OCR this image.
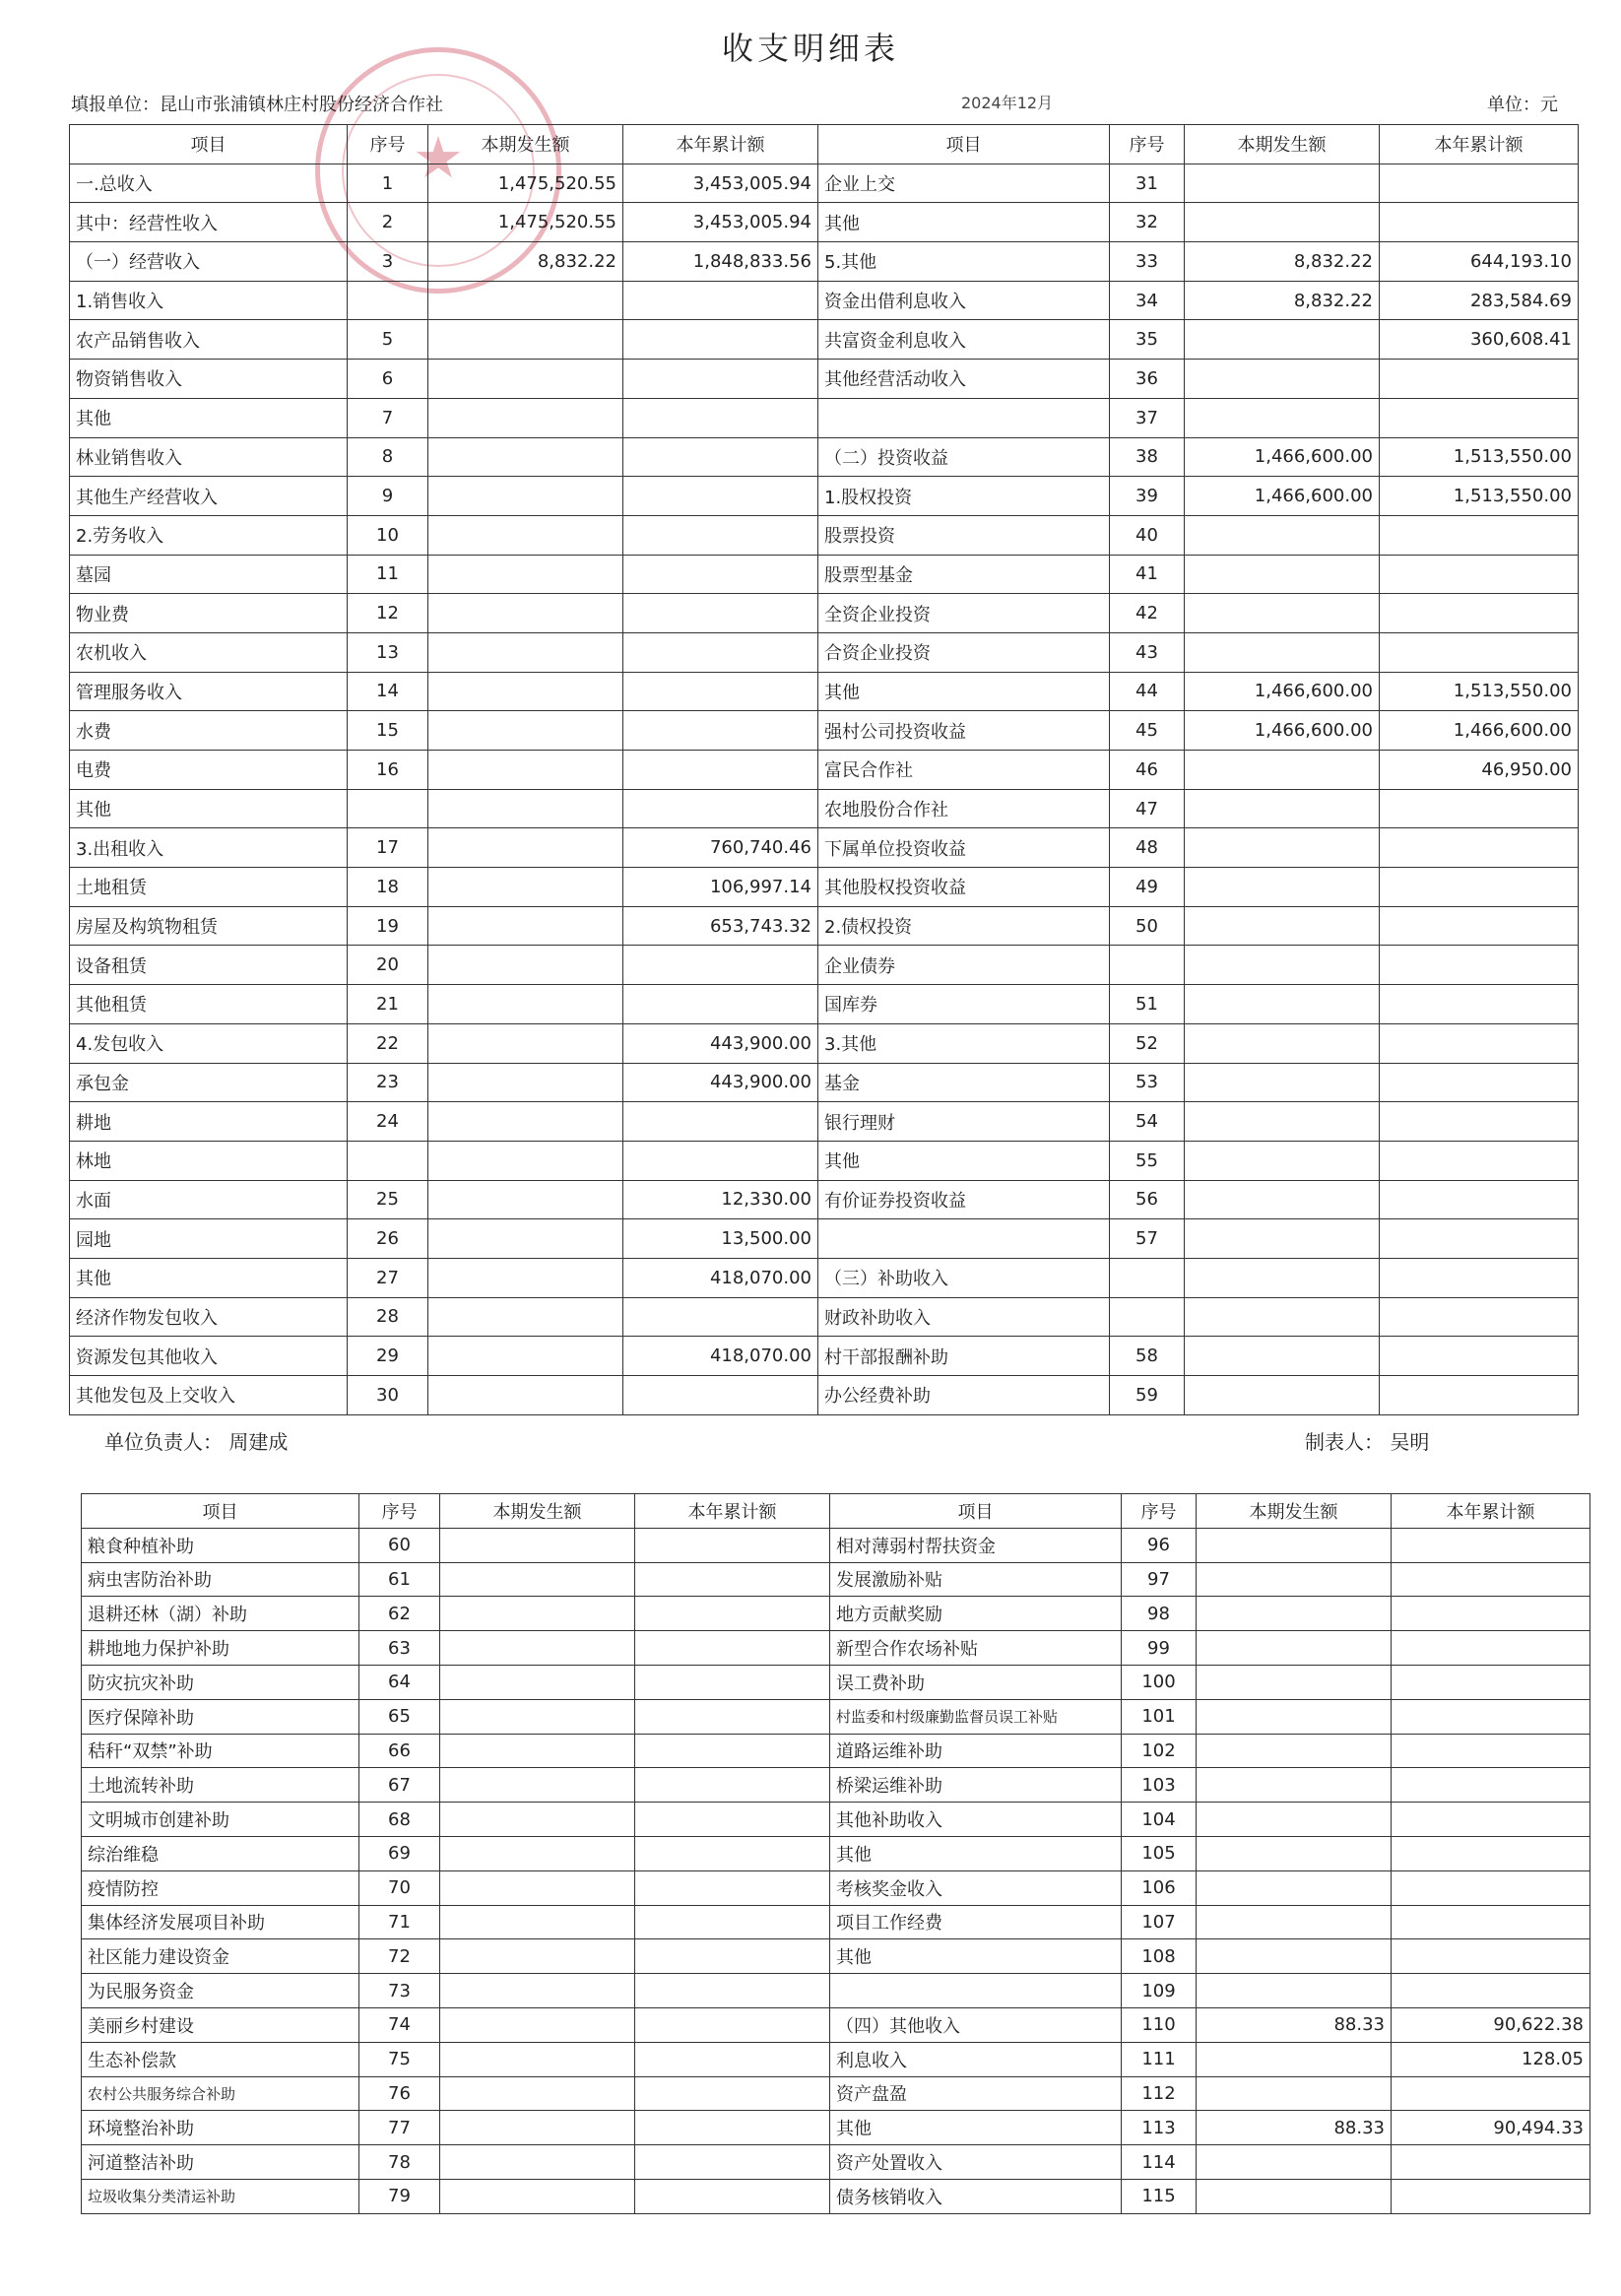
★
收支明细表
填报单位：昆山市张浦镇林庄村股份经济合作社	2024年12月	单位：元
项目	序号	本期发生额	本年累计额	项目	序号	本期发生额	本年累计额
一.总收入	1	1,475,520.55	3,453,005.94	企业上交	31		
其中：经营性收入	2	1,475,520.55	3,453,005.94	其他	32		
（一）经营收入	3	8,832.22	1,848,833.56	5.其他	33	8,832.22	644,193.10
1.销售收入				资金出借利息收入	34	8,832.22	283,584.69
农产品销售收入	5			共富资金利息收入	35		360,608.41
物资销售收入	6			其他经营活动收入	36		
其他	7				37		
林业销售收入	8			（二）投资收益	38	1,466,600.00	1,513,550.00
其他生产经营收入	9			1.股权投资	39	1,466,600.00	1,513,550.00
2.劳务收入	10			股票投资	40		
墓园	11			股票型基金	41		
物业费	12			全资企业投资	42		
农机收入	13			合资企业投资	43		
管理服务收入	14			其他	44	1,466,600.00	1,513,550.00
水费	15			强村公司投资收益	45	1,466,600.00	1,466,600.00
电费	16			富民合作社	46		46,950.00
其他				农地股份合作社	47		
3.出租收入	17		760,740.46	下属单位投资收益	48		
土地租赁	18		106,997.14	其他股权投资收益	49		
房屋及构筑物租赁	19		653,743.32	2.债权投资	50		
设备租赁	20			企业债券			
其他租赁	21			国库券	51		
4.发包收入	22		443,900.00	3.其他	52		
承包金	23		443,900.00	基金	53		
耕地	24			银行理财	54		
林地				其他	55		
水面	25		12,330.00	有价证券投资收益	56		
园地	26		13,500.00		57		
其他	27		418,070.00	（三）补助收入			
经济作物发包收入	28			财政补助收入			
资源发包其他收入	29		418,070.00	村干部报酬补助	58		
其他发包及上交收入	30			办公经费补助	59		
单位负责人： 周建成	制表人： 吴明
项目	序号	本期发生额	本年累计额	项目	序号	本期发生额	本年累计额
粮食种植补助	60			相对薄弱村帮扶资金	96		
病虫害防治补助	61			发展激励补贴	97		
退耕还林（湖）补助	62			地方贡献奖励	98		
耕地地力保护补助	63			新型合作农场补贴	99		
防灾抗灾补助	64			误工费补助	100		
医疗保障补助	65			村监委和村级廉勤监督员误工补贴	101		
秸秆“双禁”补助	66			道路运维补助	102		
土地流转补助	67			桥梁运维补助	103		
文明城市创建补助	68			其他补助收入	104		
综治维稳	69			其他	105		
疫情防控	70			考核奖金收入	106		
集体经济发展项目补助	71			项目工作经费	107		
社区能力建设资金	72			其他	108		
为民服务资金	73				109		
美丽乡村建设	74			（四）其他收入	110	88.33	90,622.38
生态补偿款	75			利息收入	111		128.05
农村公共服务综合补助	76			资产盘盈	112		
环境整治补助	77			其他	113	88.33	90,494.33
河道整洁补助	78			资产处置收入	114		
垃圾收集分类清运补助	79			债务核销收入	115		
